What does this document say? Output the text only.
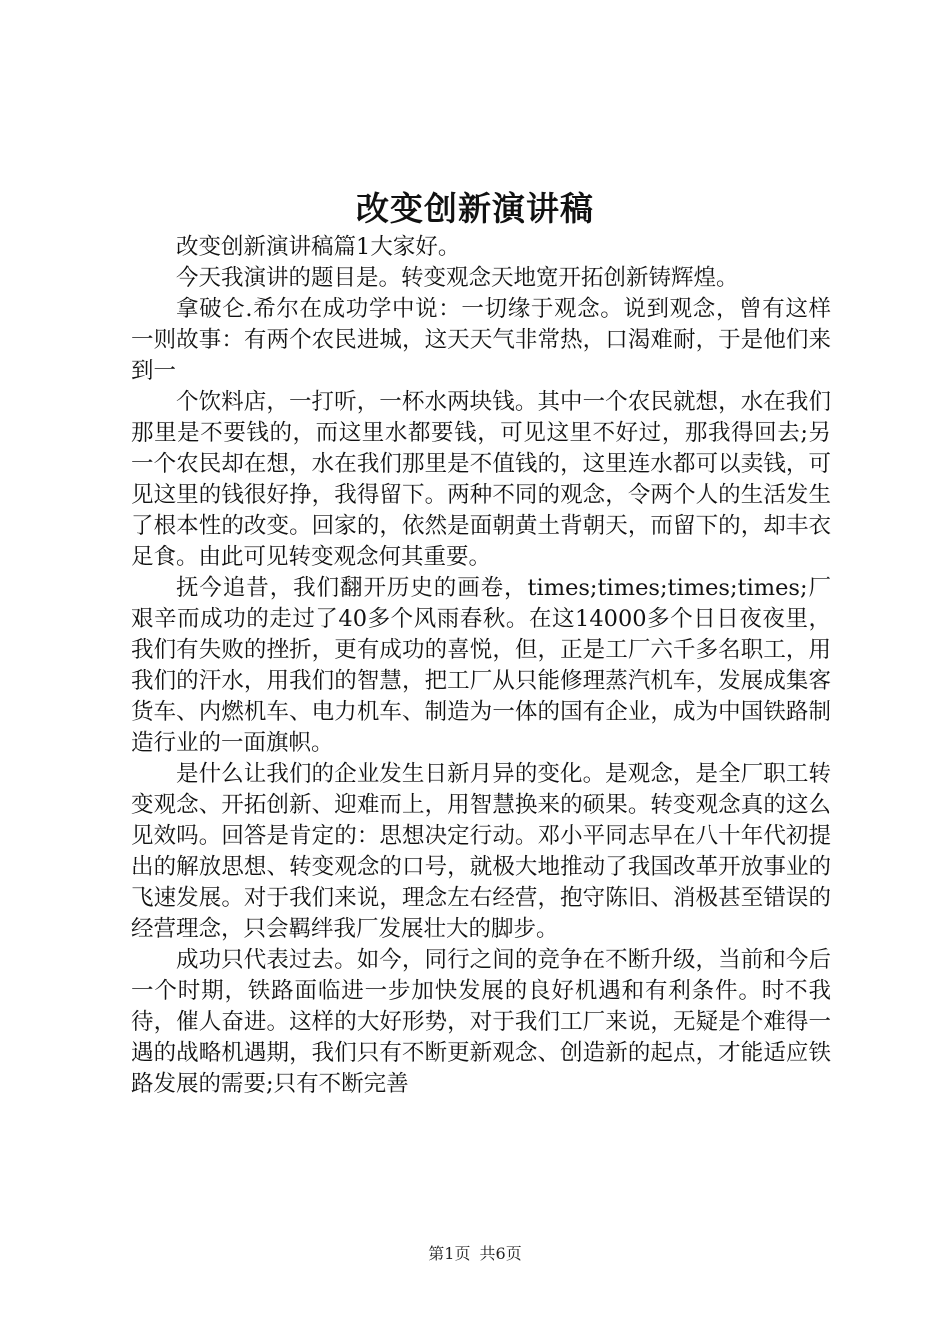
改变创新演讲稿

改变创新演讲稿篇1大家好。

今天我演讲的题目是。转变观念天地宽开拓创新铸辉煌。

拿破仑.希尔在成功学中说：一切缘于观念。说到观念，曾有这样一则故事：有两个农民进城，这天天气非常热，口渴难耐，于是他们来到一

个饮料店，一打听，一杯水两块钱。其中一个农民就想，水在我们那里是不要钱的，而这里水都要钱，可见这里不好过，那我得回去;另一个农民却在想，水在我们那里是不值钱的，这里连水都可以卖钱，可见这里的钱很好挣，我得留下。两种不同的观念，令两个人的生活发生了根本性的改变。回家的，依然是面朝黄土背朝天，而留下的，却丰衣足食。由此可见转变观念何其重要。

抚今追昔，我们翻开历史的画卷，times;times;times;times;厂艰辛而成功的走过了40多个风雨春秋。在这14000多个日日夜夜里，我们有失败的挫折，更有成功的喜悦，但，正是工厂六千多名职工，用我们的汗水，用我们的智慧，把工厂从只能修理蒸汽机车，发展成集客货车、内燃机车、电力机车、制造为一体的国有企业，成为中国铁路制造行业的一面旗帜。

是什么让我们的企业发生日新月异的变化。是观念，是全厂职工转变观念、开拓创新、迎难而上，用智慧换来的硕果。转变观念真的这么见效吗。回答是肯定的：思想决定行动。邓小平同志早在八十年代初提出的解放思想、转变观念的口号，就极大地推动了我国改革开放事业的飞速发展。对于我们来说，理念左右经营，抱守陈旧、消极甚至错误的经营理念，只会羁绊我厂发展壮大的脚步。

成功只代表过去。如今，同行之间的竞争在不断升级，当前和今后一个时期，铁路面临进一步加快发展的良好机遇和有利条件。时不我待，催人奋进。这样的大好形势，对于我们工厂来说，无疑是个难得一遇的战略机遇期，我们只有不断更新观念、创造新的起点，才能适应铁路发展的需要;只有不断完善

第1页 共6页
